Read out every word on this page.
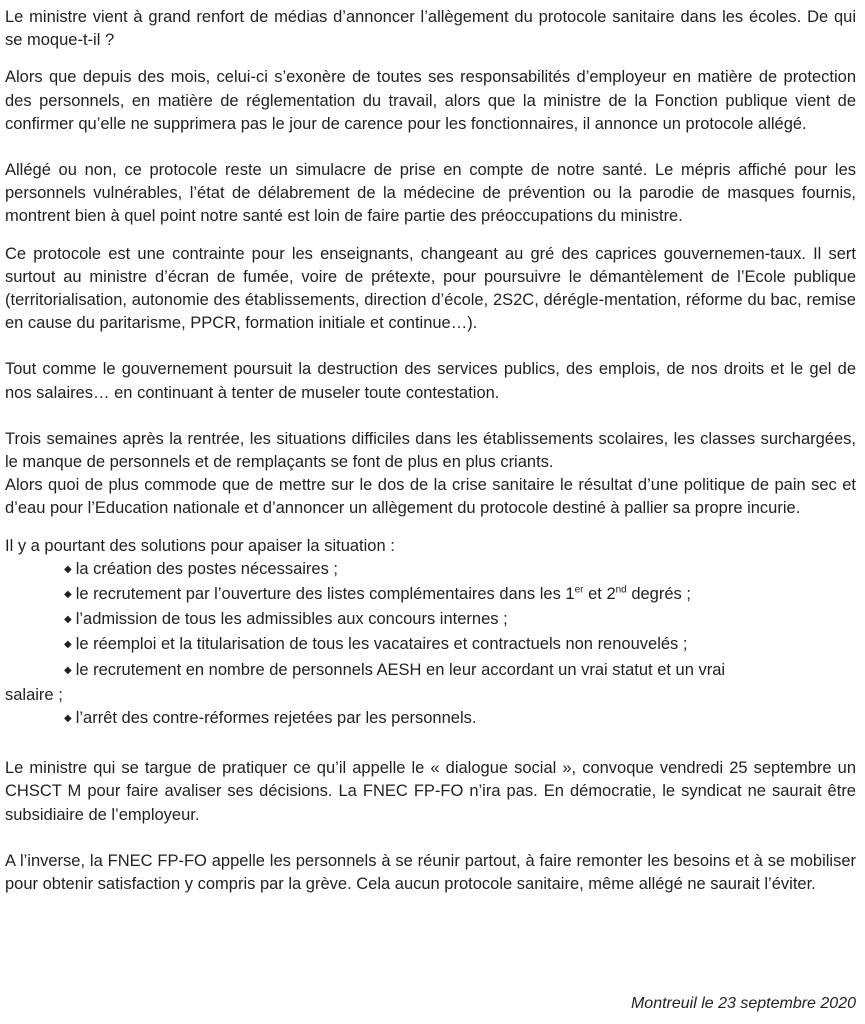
Le ministre vient à grand renfort de médias d’annoncer l’allègement du protocole sanitaire dans les écoles. De qui se moque-t-il ?

Alors que depuis des mois, celui-ci s’exonère de toutes ses responsabilités d’employeur en matière de protection des personnels, en matière de réglementation du travail, alors que la ministre de la Fonction publique vient de confirmer qu’elle ne supprimera pas le jour de carence pour les fonctionnaires, il annonce un protocole allégé.

Allégé ou non, ce protocole reste un simulacre de prise en compte de notre santé. Le mépris affiché pour les personnels vulnérables, l’état de délabrement de la médecine de prévention ou la parodie de masques fournis, montrent bien à quel point notre santé est loin de faire partie des préoccupations du ministre.

Ce protocole est une contrainte pour les enseignants, changeant au gré des caprices gouvernemen-taux. Il sert surtout au ministre d’écran de fumée, voire de prétexte, pour poursuivre le démantèlement de l’Ecole publique (territorialisation, autonomie des établissements, direction d’école, 2S2C, dérégle-mentation, réforme du bac, remise en cause du paritarisme, PPCR, formation initiale et continue…).

Tout comme le gouvernement poursuit la destruction des services publics, des emplois, de nos droits et le gel de nos salaires… en continuant à tenter de museler toute contestation.

Trois semaines après la rentrée, les situations difficiles dans les établissements scolaires, les classes surchargées, le manque de personnels et de remplaçants se font de plus en plus criants.

Alors quoi de plus commode que de mettre sur le dos de la crise sanitaire le résultat d’une politique de pain sec et d’eau pour l’Education nationale et d’annoncer un allègement du protocole destiné à pallier sa propre incurie.

Il y a pourtant des solutions pour apaiser la situation :

◆ la création des postes nécessaires ;
◆ le recrutement par l’ouverture des listes complémentaires dans les 1er et 2nd degrés ;
◆ l’admission de tous les admissibles aux concours internes ;
◆ le réemploi et la titularisation de tous les vacataires et contractuels non renouvelés ;
◆ le recrutement en nombre de personnels AESH en leur accordant un vrai statut et un vrai
salaire ;
◆ l’arrêt des contre-réformes rejetées par les personnels.

Le ministre qui se targue de pratiquer ce qu’il appelle le « dialogue social », convoque vendredi 25 septembre un CHSCT M pour faire avaliser ses décisions. La FNEC FP-FO n’ira pas. En démocratie, le syndicat ne saurait être subsidiaire de l’employeur.

A l’inverse, la FNEC FP-FO appelle les personnels à se réunir partout, à faire remonter les besoins et à se mobiliser pour obtenir satisfaction y compris par la grève. Cela aucun protocole sanitaire, même allégé ne saurait l’éviter.

Montreuil le 23 septembre 2020
